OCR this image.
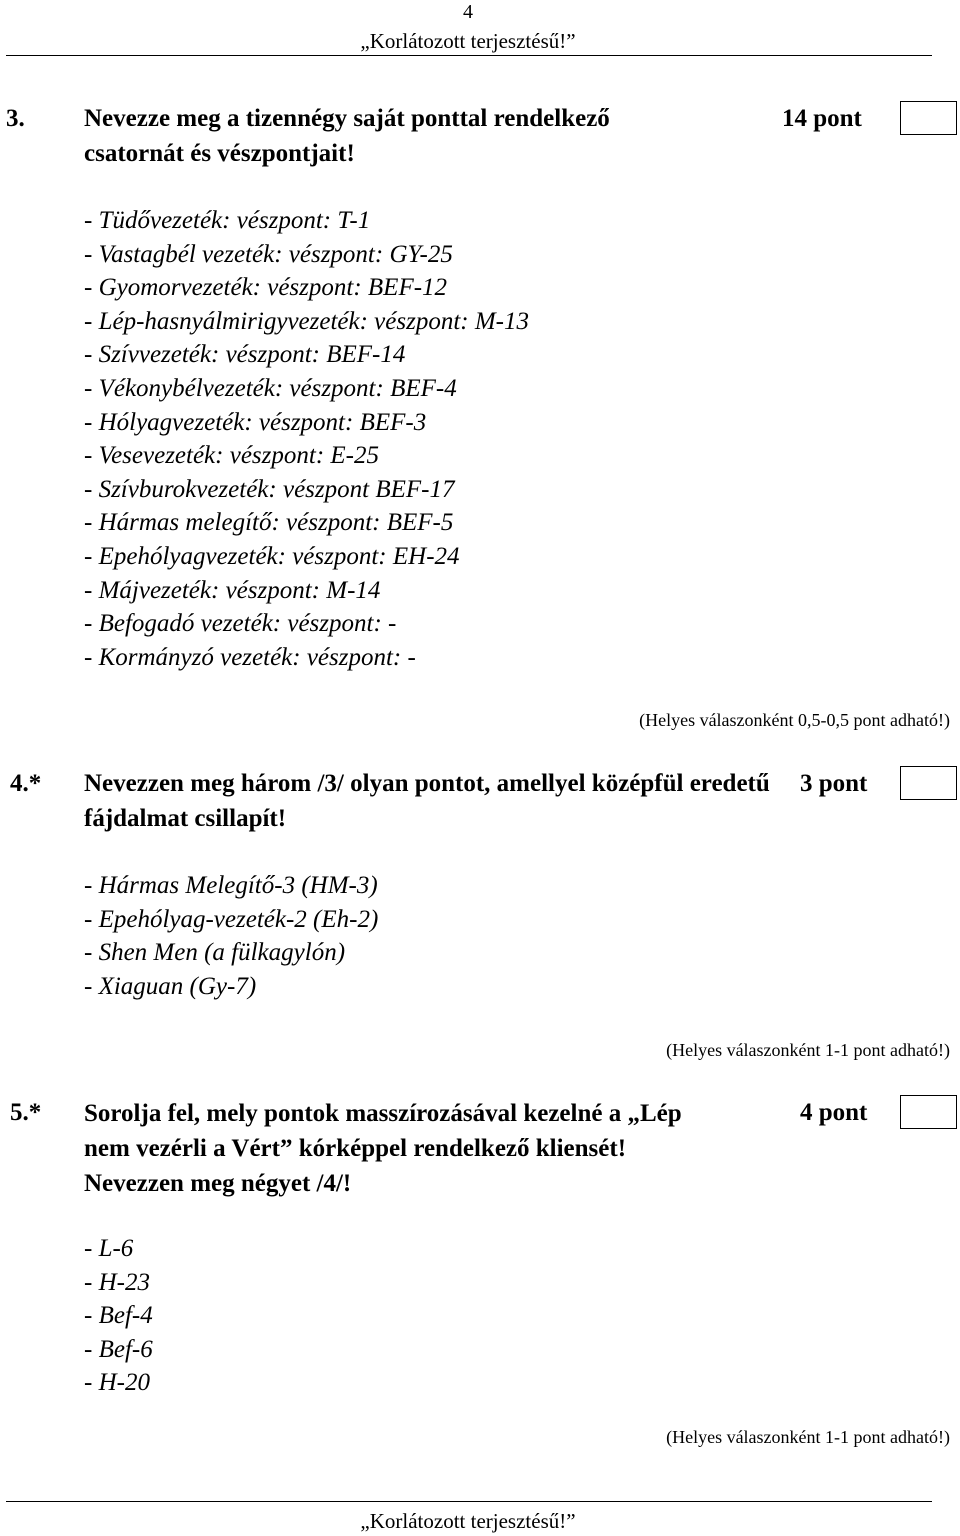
4
„Korlátozott terjesztésű!”
3. Nevezze meg a tizennégy saját ponttal rendelkező csatornát és vészpontjait!
14 pont
- Tüdővezeték: vészpont: T-1
- Vastagbél vezeték: vészpont: GY-25
- Gyomorvezeték: vészpont: BEF-12
- Lép-hasnyálmirigyvezeték: vészpont: M-13
- Szívvezeték: vészpont: BEF-14
- Vékonybélvezeték: vészpont: BEF-4
- Hólyagvezeték: vészpont: BEF-3
- Vesevezeték: vészpont: E-25
- Szívburokvezeték: vészpont BEF-17
- Hármas melegítő: vészpont: BEF-5
- Epehólyagvezeték: vészpont: EH-24
- Májvezeték: vészpont: M-14
- Befogadó vezeték: vészpont: -
- Kormányzó vezeték: vészpont: -
(Helyes válaszonként 0,5-0,5 pont adható!)
4.* Nevezzen meg három /3/ olyan pontot, amellyel középfül eredetű fájdalmat csillapít!
3 pont
- Hármas Melegítő-3 (HM-3)
- Epehólyag-vezeték-2 (Eh-2)
- Shen Men (a fülkagylón)
- Xiaguan (Gy-7)
(Helyes válaszonként 1-1 pont adható!)
5.* Sorolja fel, mely pontok masszírozásával kezelné a „Lép nem vezérli a Vért” kórképpel rendelkező kliensét! Nevezzen meg négyet /4/!
4 pont
- L-6
- H-23
- Bef-4
- Bef-6
- H-20
(Helyes válaszonként 1-1 pont adható!)
„Korlátozott terjesztésű!”
